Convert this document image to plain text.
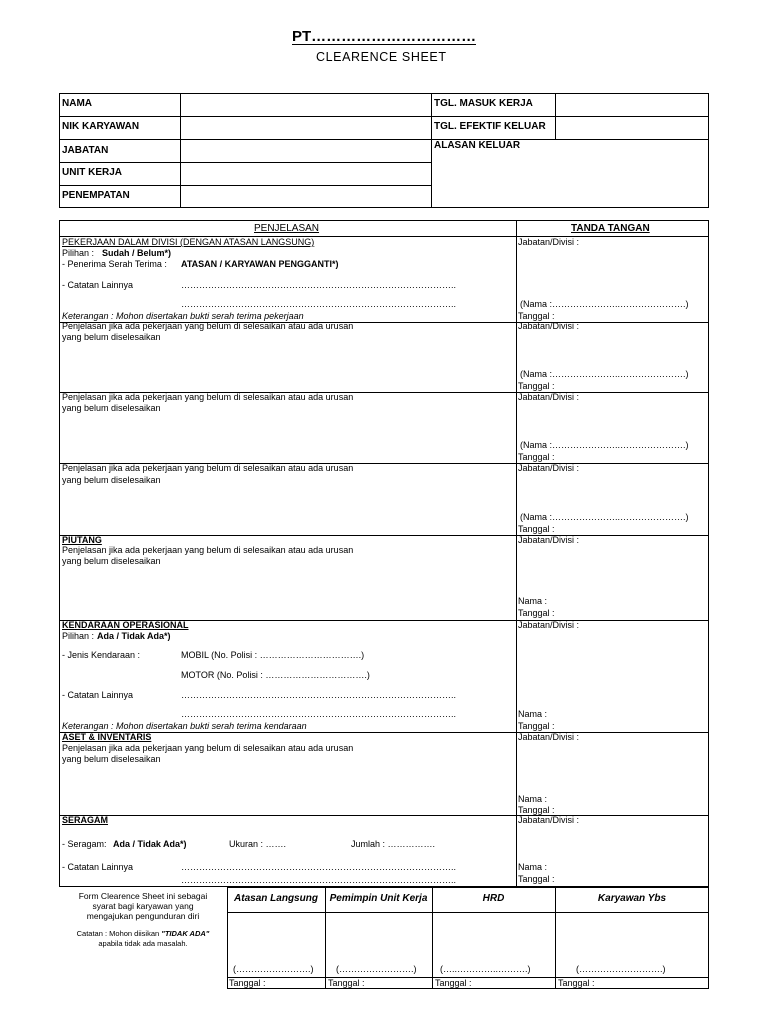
PT……………………………
CLEARENCE SHEET
NAMA
NIK KARYAWAN
JABATAN
UNIT KERJA
PENEMPATAN
TGL. MASUK KERJA
TGL. EFEKTIF KELUAR
ALASAN KELUAR
PENJELASAN	TANDA TANGAN
PEKERJAAN DALAM DIVISI (DENGAN ATASAN LANGSUNG)
Pilihan : Sudah / Belum*)
- Penerima Serah Terima : ATASAN / KARYAWAN PENGGANTI*)
- Catatan Lainnya	………………………………………………………………………………..
………………………………………………………………………………..
Keterangan : Mohon disertakan bukti serah terima pekerjaan
Jabatan/Divisi :
(Nama :…………………..………………….)
Tanggal :
Penjelasan jika ada pekerjaan yang belum di selesaikan atau ada urusan
yang belum diselesaikan
Jabatan/Divisi :
(Nama :…………………..………………….)
Tanggal :
Penjelasan jika ada pekerjaan yang belum di selesaikan atau ada urusan
yang belum diselesaikan
Jabatan/Divisi :
(Nama :…………………..………………….)
Tanggal :
Penjelasan jika ada pekerjaan yang belum di selesaikan atau ada urusan
yang belum diselesaikan
Jabatan/Divisi :
(Nama :…………………..………………….)
Tanggal :
PIUTANG
Penjelasan jika ada pekerjaan yang belum di selesaikan atau ada urusan
yang belum diselesaikan
Jabatan/Divisi :
Nama :
Tanggal :
KENDARAAN OPERASIONAL
Pilihan : Ada / Tidak Ada*)
- Jenis Kendaraan :	MOBIL (No. Polisi : …………………………….)
MOTOR (No. Polisi : …………………………….)
- Catatan Lainnya	………………………………………………………………………………..
………………………………………………………………………………..
Keterangan : Mohon disertakan bukti serah terima kendaraan
Jabatan/Divisi :
Nama :
Tanggal :
ASET & INVENTARIS
Penjelasan jika ada pekerjaan yang belum di selesaikan atau ada urusan
yang belum diselesaikan
Jabatan/Divisi :
Nama :
Tanggal :
SERAGAM
- Seragam: Ada / Tidak Ada*)	Ukuran : …….	Jumlah : …………….
- Catatan Lainnya	………………………………………………………………………………..
………………………………………………………………………………..
Jabatan/Divisi :
Nama :
Tanggal :
Form Clearence Sheet ini sebagai
syarat bagi karyawan yang
mengajukan pengunduran diri
Catatan : Mohon diisikan "TIDAK ADA"
apabila tidak ada masalah.
Atasan Langsung	Pemimpin Unit Kerja	HRD	Karyawan Ybs
(…………………….)	(…………………….)	(…..…………..……….)	(……………………….)
Tanggal :	Tanggal :	Tanggal :	Tanggal :
